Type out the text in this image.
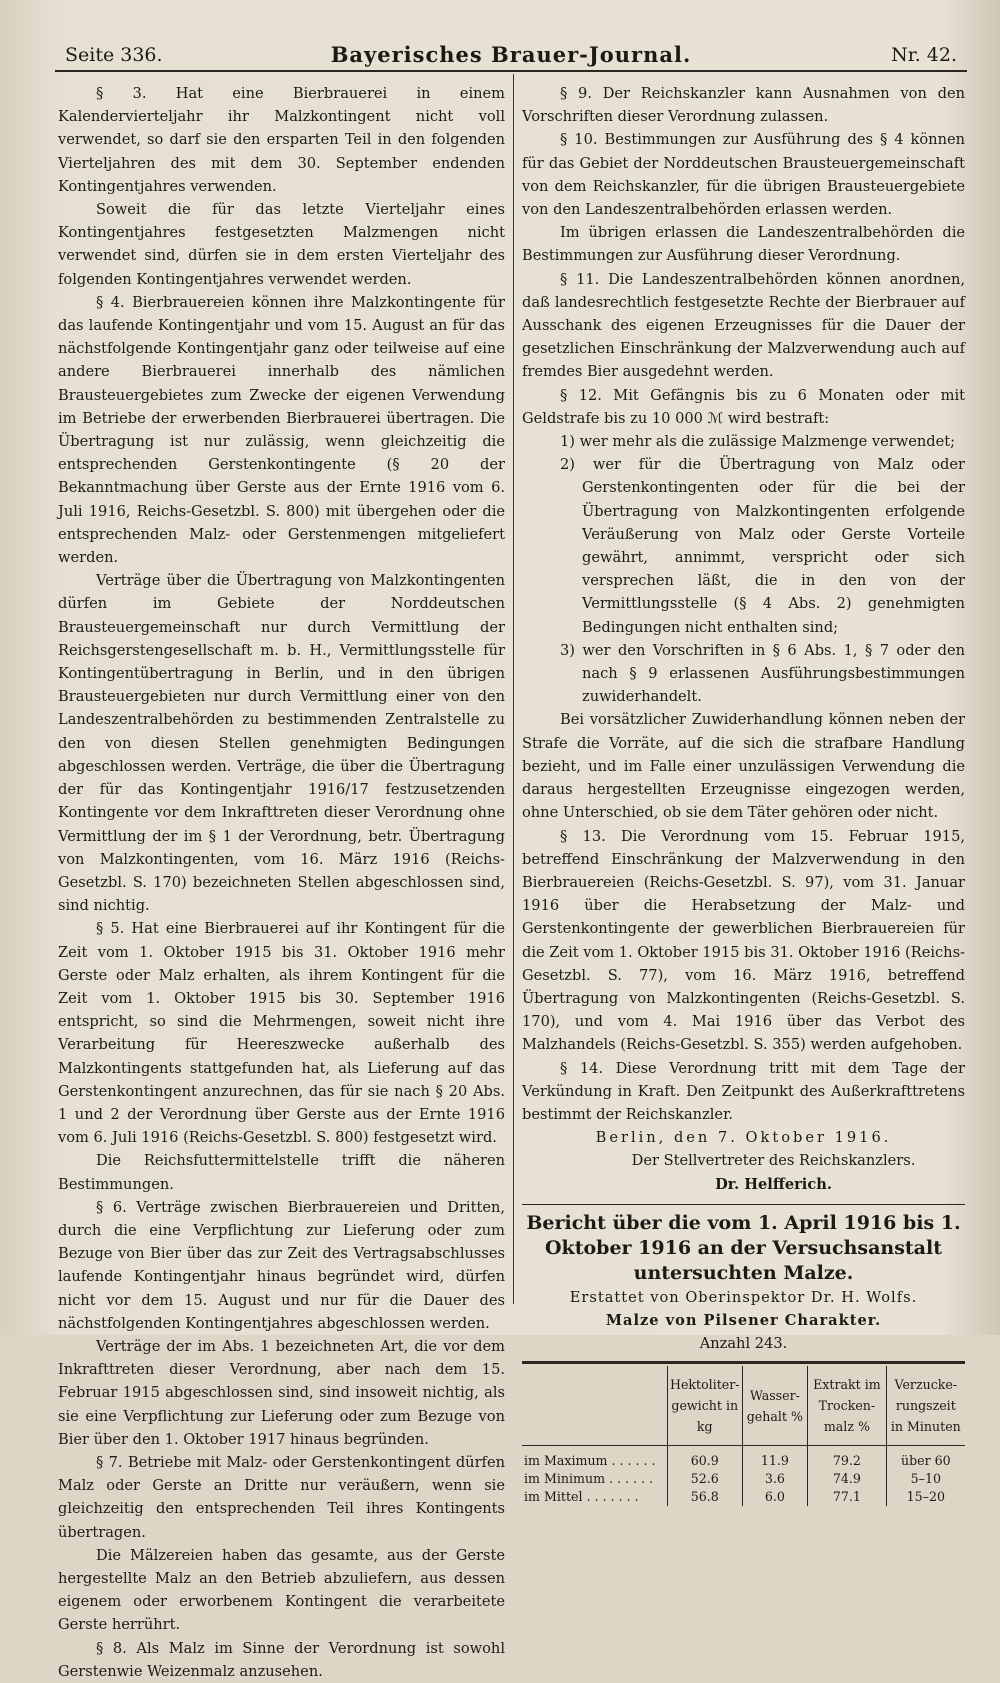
Seite 336.	Bayerisches Brauer-Journal.	Nr. 42.

§ 3. Hat eine Bierbrauerei in einem Kalendervierteljahr ihr Malzkontingent nicht voll verwendet, so darf sie den ersparten Teil in den folgenden Vierteljahren des mit dem 30. September endenden Kontingentjahres verwenden.

Soweit die für das letzte Vierteljahr eines Kontingentjahres festgesetzten Malzmengen nicht verwendet sind, dürfen sie in dem ersten Vierteljahr des folgenden Kontingentjahres verwendet werden.

§ 4. Bierbrauereien können ihre Malzkontingente für das laufende Kontingentjahr und vom 15. August an für das nächstfolgende Kontingentjahr ganz oder teilweise auf eine andere Bierbrauerei innerhalb des nämlichen Brausteuergebietes zum Zwecke der eigenen Verwendung im Betriebe der erwerbenden Bierbrauerei übertragen. Die Übertragung ist nur zulässig, wenn gleichzeitig die entsprechenden Gerstenkontingente (§ 20 der Bekanntmachung über Gerste aus der Ernte 1916 vom 6. Juli 1916, Reichs-Gesetzbl. S. 800) mit übergehen oder die entsprechenden Malz- oder Gerstenmengen mitgeliefert werden.

Verträge über die Übertragung von Malzkontingenten dürfen im Gebiete der Norddeutschen Brausteuergemeinschaft nur durch Vermittlung der Reichsgerstengesellschaft m. b. H., Vermittlungsstelle für Kontingentübertragung in Berlin, und in den übrigen Brausteuergebieten nur durch Vermittlung einer von den Landeszentralbehörden zu bestimmenden Zentralstelle zu den von diesen Stellen genehmigten Bedingungen abgeschlossen werden. Verträge, die über die Übertragung der für das Kontingentjahr 1916/17 festzusetzenden Kontingente vor dem Inkrafttreten dieser Verordnung ohne Vermittlung der im § 1 der Verordnung, betr. Übertragung von Malzkontingenten, vom 16. März 1916 (Reichs-Gesetzbl. S. 170) bezeichneten Stellen abgeschlossen sind, sind nichtig.

§ 5. Hat eine Bierbrauerei auf ihr Kontingent für die Zeit vom 1. Oktober 1915 bis 31. Oktober 1916 mehr Gerste oder Malz erhalten, als ihrem Kontingent für die Zeit vom 1. Oktober 1915 bis 30. September 1916 entspricht, so sind die Mehrmengen, soweit nicht ihre Verarbeitung für Heereszwecke außerhalb des Malzkontingents stattgefunden hat, als Lieferung auf das Gerstenkontingent anzurechnen, das für sie nach § 20 Abs. 1 und 2 der Verordnung über Gerste aus der Ernte 1916 vom 6. Juli 1916 (Reichs-Gesetzbl. S. 800) festgesetzt wird.

Die Reichsfuttermittelstelle trifft die näheren Bestimmungen.

§ 6. Verträge zwischen Bierbrauereien und Dritten, durch die eine Verpflichtung zur Lieferung oder zum Bezuge von Bier über das zur Zeit des Vertragsabschlusses laufende Kontingentjahr hinaus begründet wird, dürfen nicht vor dem 15. August und nur für die Dauer des nächstfolgenden Kontingentjahres abgeschlossen werden.

Verträge der im Abs. 1 bezeichneten Art, die vor dem Inkrafttreten dieser Verordnung, aber nach dem 15. Februar 1915 abgeschlossen sind, sind insoweit nichtig, als sie eine Verpflichtung zur Lieferung oder zum Bezuge von Bier über den 1. Oktober 1917 hinaus begründen.

§ 7. Betriebe mit Malz- oder Gerstenkontingent dürfen Malz oder Gerste an Dritte nur veräußern, wenn sie gleichzeitig den entsprechenden Teil ihres Kontingents übertragen.

Die Mälzereien haben das gesamte, aus der Gerste hergestellte Malz an den Betrieb abzuliefern, aus dessen eigenem oder erworbenem Kontingent die verarbeitete Gerste herrührt.

§ 8. Als Malz im Sinne der Verordnung ist sowohl Gerstenwie Weizenmalz anzusehen.

§ 9. Der Reichskanzler kann Ausnahmen von den Vorschriften dieser Verordnung zulassen.

§ 10. Bestimmungen zur Ausführung des § 4 können für das Gebiet der Norddeutschen Brausteuergemeinschaft von dem Reichskanzler, für die übrigen Brausteuergebiete von den Landeszentralbehörden erlassen werden.

Im übrigen erlassen die Landeszentralbehörden die Bestimmungen zur Ausführung dieser Verordnung.

§ 11. Die Landeszentralbehörden können anordnen, daß landesrechtlich festgesetzte Rechte der Bierbrauer auf Ausschank des eigenen Erzeugnisses für die Dauer der gesetzlichen Einschränkung der Malzverwendung auch auf fremdes Bier ausgedehnt werden.

§ 12. Mit Gefängnis bis zu 6 Monaten oder mit Geldstrafe bis zu 10 000 ℳ wird bestraft:

1) wer mehr als die zulässige Malzmenge verwendet;

2) wer für die Übertragung von Malz oder Gerstenkontingenten oder für die bei der Übertragung von Malzkontingenten erfolgende Veräußerung von Malz oder Gerste Vorteile gewährt, annimmt, verspricht oder sich versprechen läßt, die in den von der Vermittlungsstelle (§ 4 Abs. 2) genehmigten Bedingungen nicht enthalten sind;

3) wer den Vorschriften in § 6 Abs. 1, § 7 oder den nach § 9 erlassenen Ausführungsbestimmungen zuwiderhandelt.

Bei vorsätzlicher Zuwiderhandlung können neben der Strafe die Vorräte, auf die sich die strafbare Handlung bezieht, und im Falle einer unzulässigen Verwendung die daraus hergestellten Erzeugnisse eingezogen werden, ohne Unterschied, ob sie dem Täter gehören oder nicht.

§ 13. Die Verordnung vom 15. Februar 1915, betreffend Einschränkung der Malzverwendung in den Bierbrauereien (Reichs-Gesetzbl. S. 97), vom 31. Januar 1916 über die Herabsetzung der Malz- und Gerstenkontingente der gewerblichen Bierbrauereien für die Zeit vom 1. Oktober 1915 bis 31. Oktober 1916 (Reichs-Gesetzbl. S. 77), vom 16. März 1916, betreffend Übertragung von Malzkontingenten (Reichs-Gesetzbl. S. 170), und vom 4. Mai 1916 über das Verbot des Malzhandels (Reichs-Gesetzbl. S. 355) werden aufgehoben.

§ 14. Diese Verordnung tritt mit dem Tage der Verkündung in Kraft. Den Zeitpunkt des Außerkrafttretens bestimmt der Reichskanzler.

Berlin, den 7. Oktober 1916.

Der Stellvertreter des Reichskanzlers.

Dr. Helfferich.

Bericht über die vom 1. April 1916 bis 1. Oktober 1916 an der Versuchsanstalt untersuchten Malze.

Erstattet von Oberinspektor Dr. H. Wolfs.

Malze von Pilsener Charakter.

Anzahl 243.

	Hektoliter-gewicht in kg	Wasser-gehalt %	Extrakt im Trocken-malz %	Verzucke-rungszeit in Minuten
im Maximum . . . . . .	60.9	11.9	79.2	über 60
im Minimum . . . . . .	52.6	3.6	74.9	5–10
im Mittel . . . . . . .	56.8	6.0	77.1	15–20
